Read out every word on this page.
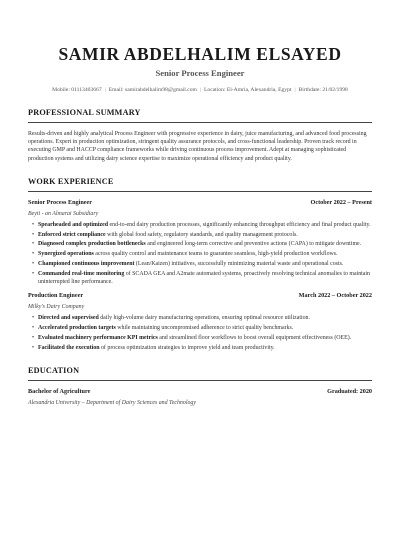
SAMIR ABDELHALIM ELSAYED
Senior Process Engineer
Mobile: 01113403667 | Email: samirabdelhalim98@gmail.com | Location: El-Amria, Alexandria, Egypt | Birthdate: 21/02/1998
PROFESSIONAL SUMMARY
Results-driven and highly analytical Process Engineer with progressive experience in dairy, juice manufacturing, and advanced food processing operations. Expert in production optimization, stringent quality assurance protocols, and cross-functional leadership. Proven track record in executing GMP and HACCP compliance frameworks while driving continuous process improvement. Adept at managing sophisticated production systems and utilizing dairy science expertise to maximize operational efficiency and product quality.
WORK EXPERIENCE
Senior Process Engineer	October 2022 – Present
Beyti - an Almarai Subsidiary
• Spearheaded and optimized end-to-end dairy production processes, significantly enhancing throughput efficiency and final product quality.
• Enforced strict compliance with global food safety, regulatory standards, and quality management protocols.
• Diagnosed complex production bottlenecks and engineered long-term corrective and preventive actions (CAPA) to mitigate downtime.
• Synergized operations across quality control and maintenance teams to guarantee seamless, high-yield production workflows.
• Championed continuous improvement (Lean/Kaizen) initiatives, successfully minimizing material waste and operational costs.
• Commanded real-time monitoring of SCADA GEA and A2mate automated systems, proactively resolving technical anomalies to maintain uninterrupted line performance.
Production Engineer	March 2022 – October 2022
Milky's Dairy Company
• Directed and supervised daily high-volume dairy manufacturing operations, ensuring optimal resource utilization.
• Accelerated production targets while maintaining uncompromised adherence to strict quality benchmarks.
• Evaluated machinery performance KPI metrics and streamlined floor workflows to boost overall equipment effectiveness (OEE).
• Facilitated the execution of process optimization strategies to improve yield and team productivity.
EDUCATION
Bachelor of Agriculture	Graduated: 2020
Alexandria University – Department of Dairy Sciences and Technology
